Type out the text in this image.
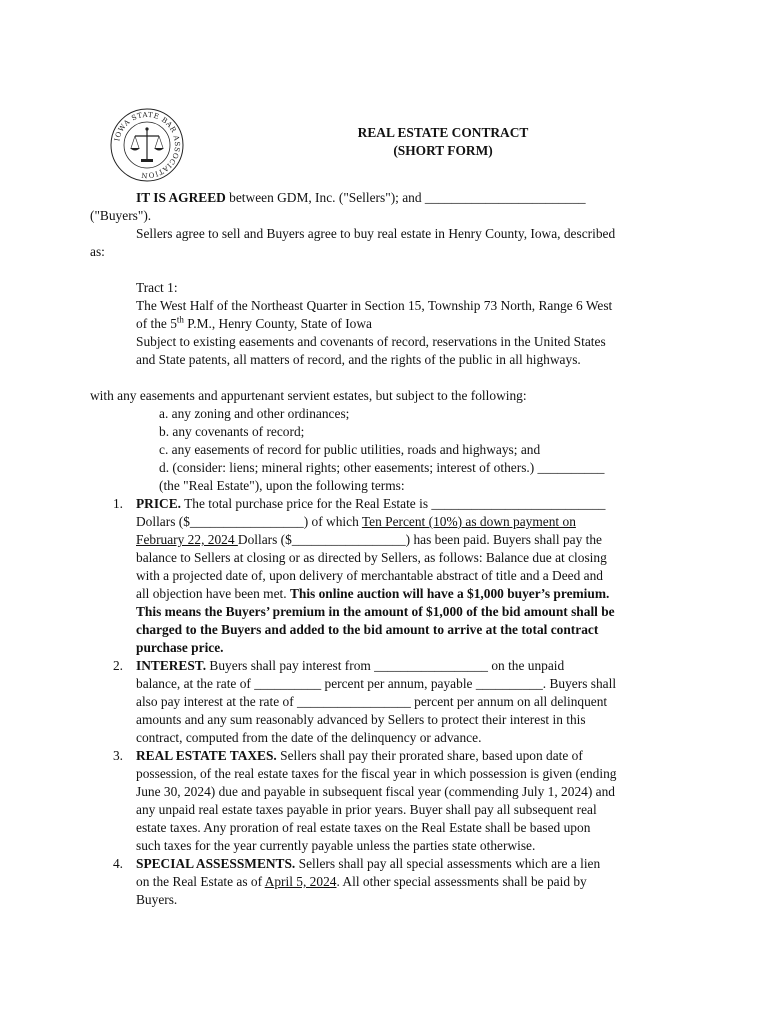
IOWA STATE BAR ASSOCIATION
REAL ESTATE CONTRACT
(SHORT FORM)
IT IS AGREED between GDM, Inc. ("Sellers"); and ________________________
("Buyers").
Sellers agree to sell and Buyers agree to buy real estate in Henry County, Iowa, described
as:
Tract 1:
The West Half of the Northeast Quarter in Section 15, Township 73 North, Range 6 West
of the 5th P.M., Henry County, State of Iowa
Subject to existing easements and covenants of record, reservations in the United States
and State patents, all matters of record, and the rights of the public in all highways.
with any easements and appurtenant servient estates, but subject to the following:
a. any zoning and other ordinances;
b. any covenants of record;
c. any easements of record for public utilities, roads and highways; and
d. (consider: liens; mineral rights; other easements; interest of others.) __________
(the "Real Estate"), upon the following terms:
1. PRICE. The total purchase price for the Real Estate is __________________________
Dollars ($_________________) of which Ten Percent (10%) as down payment on
February 22, 2024 Dollars ($_________________) has been paid. Buyers shall pay the
balance to Sellers at closing or as directed by Sellers, as follows: Balance due at closing
with a projected date of, upon delivery of merchantable abstract of title and a Deed and
all objection have been met. This online auction will have a $1,000 buyer’s premium.
This means the Buyers’ premium in the amount of $1,000 of the bid amount shall be
charged to the Buyers and added to the bid amount to arrive at the total contract
purchase price.
2. INTEREST. Buyers shall pay interest from _________________ on the unpaid
balance, at the rate of __________ percent per annum, payable __________. Buyers shall
also pay interest at the rate of _________________ percent per annum on all delinquent
amounts and any sum reasonably advanced by Sellers to protect their interest in this
contract, computed from the date of the delinquency or advance.
3. REAL ESTATE TAXES. Sellers shall pay their prorated share, based upon date of
possession, of the real estate taxes for the fiscal year in which possession is given (ending
June 30, 2024) due and payable in subsequent fiscal year (commending July 1, 2024) and
any unpaid real estate taxes payable in prior years. Buyer shall pay all subsequent real
estate taxes. Any proration of real estate taxes on the Real Estate shall be based upon
such taxes for the year currently payable unless the parties state otherwise.
4. SPECIAL ASSESSMENTS. Sellers shall pay all special assessments which are a lien
on the Real Estate as of April 5, 2024. All other special assessments shall be paid by
Buyers.
